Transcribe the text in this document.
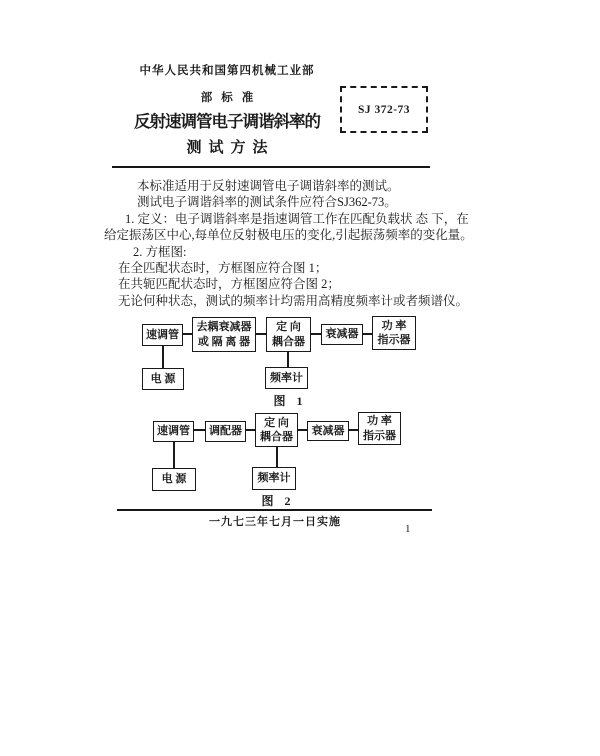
中华人民共和国第四机械工业部
部标准
SJ 372-73
反射速调管电子调谐斜率的
测试方法

本标准适用于反射速调管电子调谐斜率的测试。

测试电子调谐斜率的测试条件应符合SJ362-73。

1. 定义：电子调谐斜率是指速调管工作在匹配负载状 态 下，在

给定振荡区中心,每单位反射极电压的变化,引起振荡频率的变化量。

2. 方框图:

在全匹配状态时，方框图应符合图 1；

在共轭匹配状态时，方框图应符合图 2；

无论何种状态，测试的频率计均需用高精度频率计或者频谱仪。

速调管
去耦衰减器
或 隔 离 器
定 向
耦合器
衰减器
功 率
指示器
电 源	频率计
图 1
速调管 调配器
定 向
耦合器
衰减器
功 率
指示器
电 源	频率计
图 2
一九七三年七月一日实施
1
